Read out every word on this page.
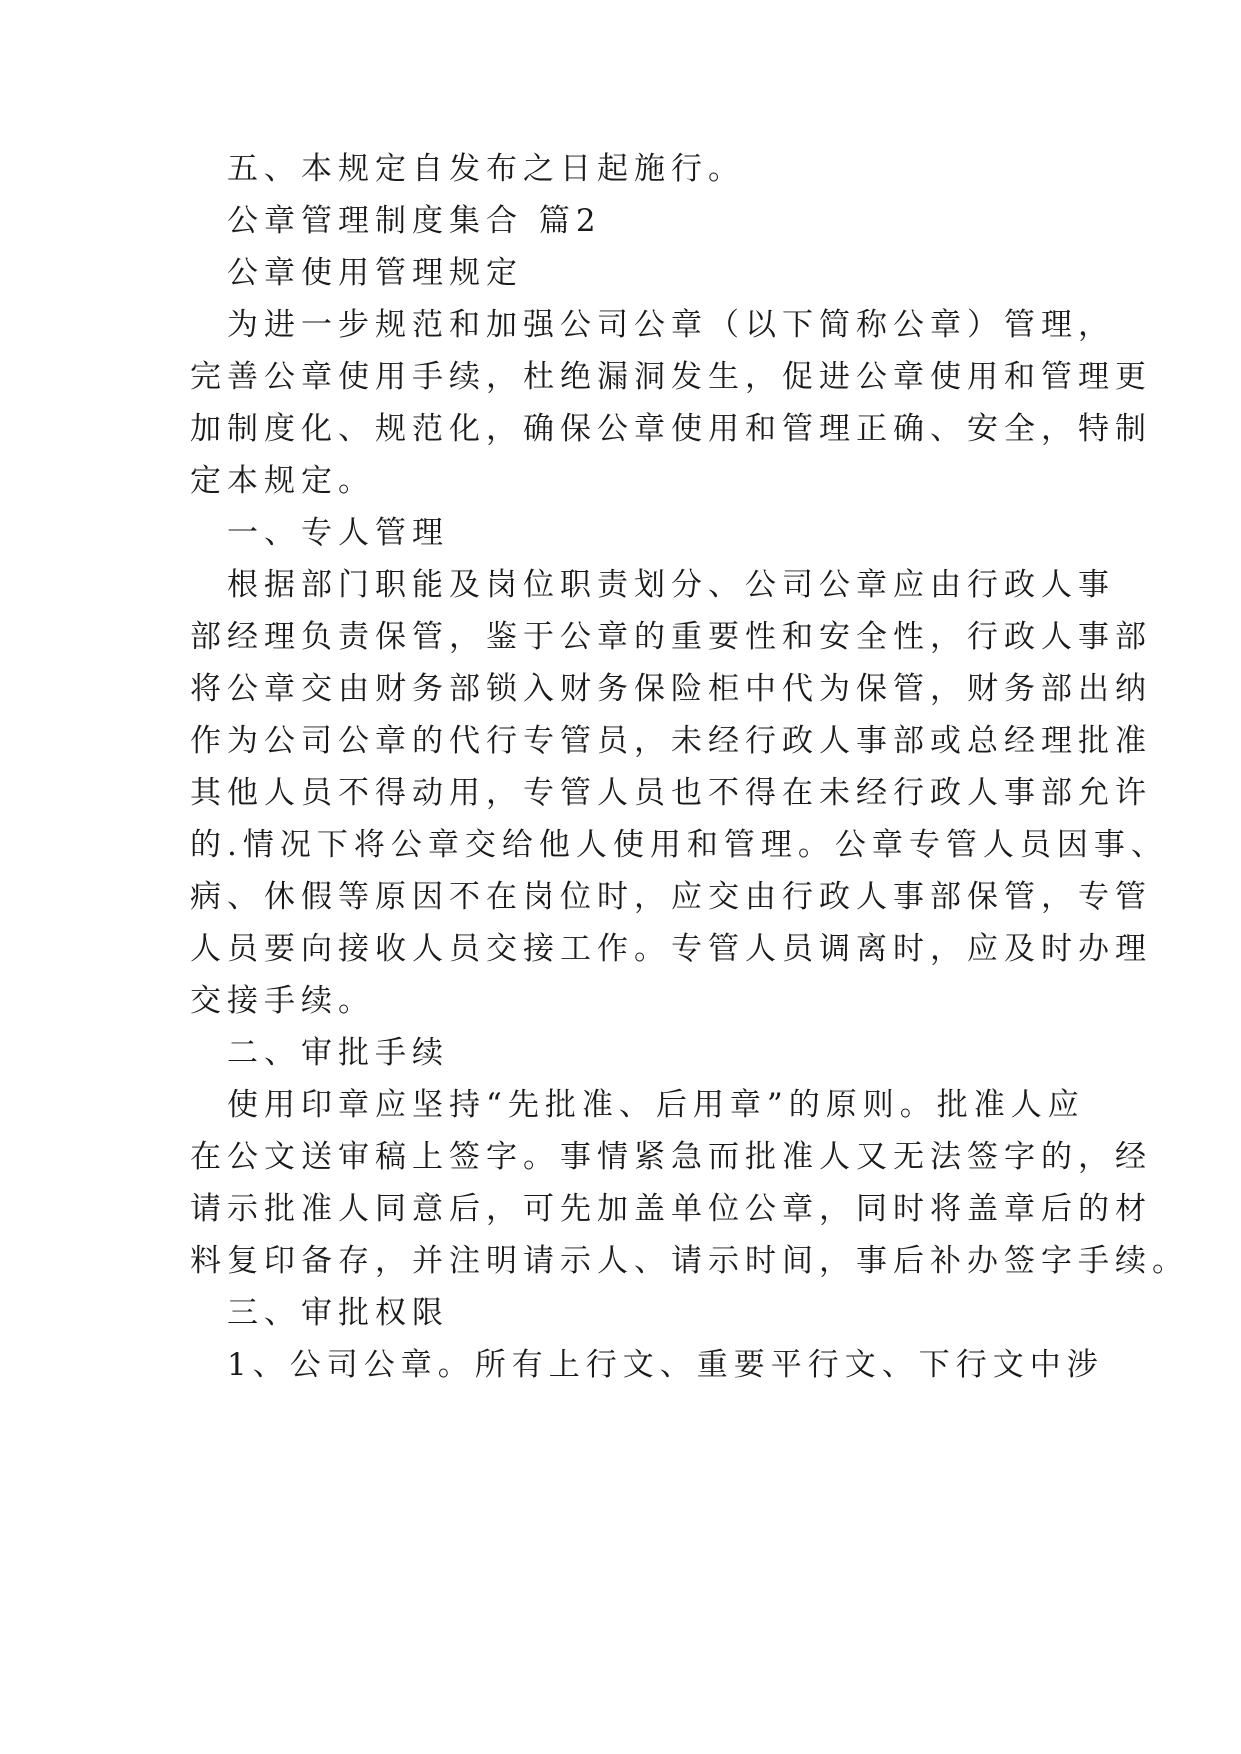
　五、本规定自发布之日起施行。
　公章管理制度集合 篇2
　公章使用管理规定
　为进一步规范和加强公司公章（以下简称公章）管理，
完善公章使用手续，杜绝漏洞发生，促进公章使用和管理更
加制度化、规范化，确保公章使用和管理正确、安全，特制
定本规定。
　一、专人管理
　根据部门职能及岗位职责划分、公司公章应由行政人事
部经理负责保管，鉴于公章的重要性和安全性，行政人事部
将公章交由财务部锁入财务保险柜中代为保管，财务部出纳
作为公司公章的代行专管员，未经行政人事部或总经理批准
其他人员不得动用，专管人员也不得在未经行政人事部允许
的.情况下将公章交给他人使用和管理。公章专管人员因事、
病、休假等原因不在岗位时，应交由行政人事部保管，专管
人员要向接收人员交接工作。专管人员调离时，应及时办理
交接手续。
　二、审批手续
　使用印章应坚持“先批准、后用章”的原则。批准人应
在公文送审稿上签字。事情紧急而批准人又无法签字的，经
请示批准人同意后，可先加盖单位公章，同时将盖章后的材
料复印备存，并注明请示人、请示时间，事后补办签字手续。
　三、审批权限
　1、公司公章。所有上行文、重要平行文、下行文中涉
